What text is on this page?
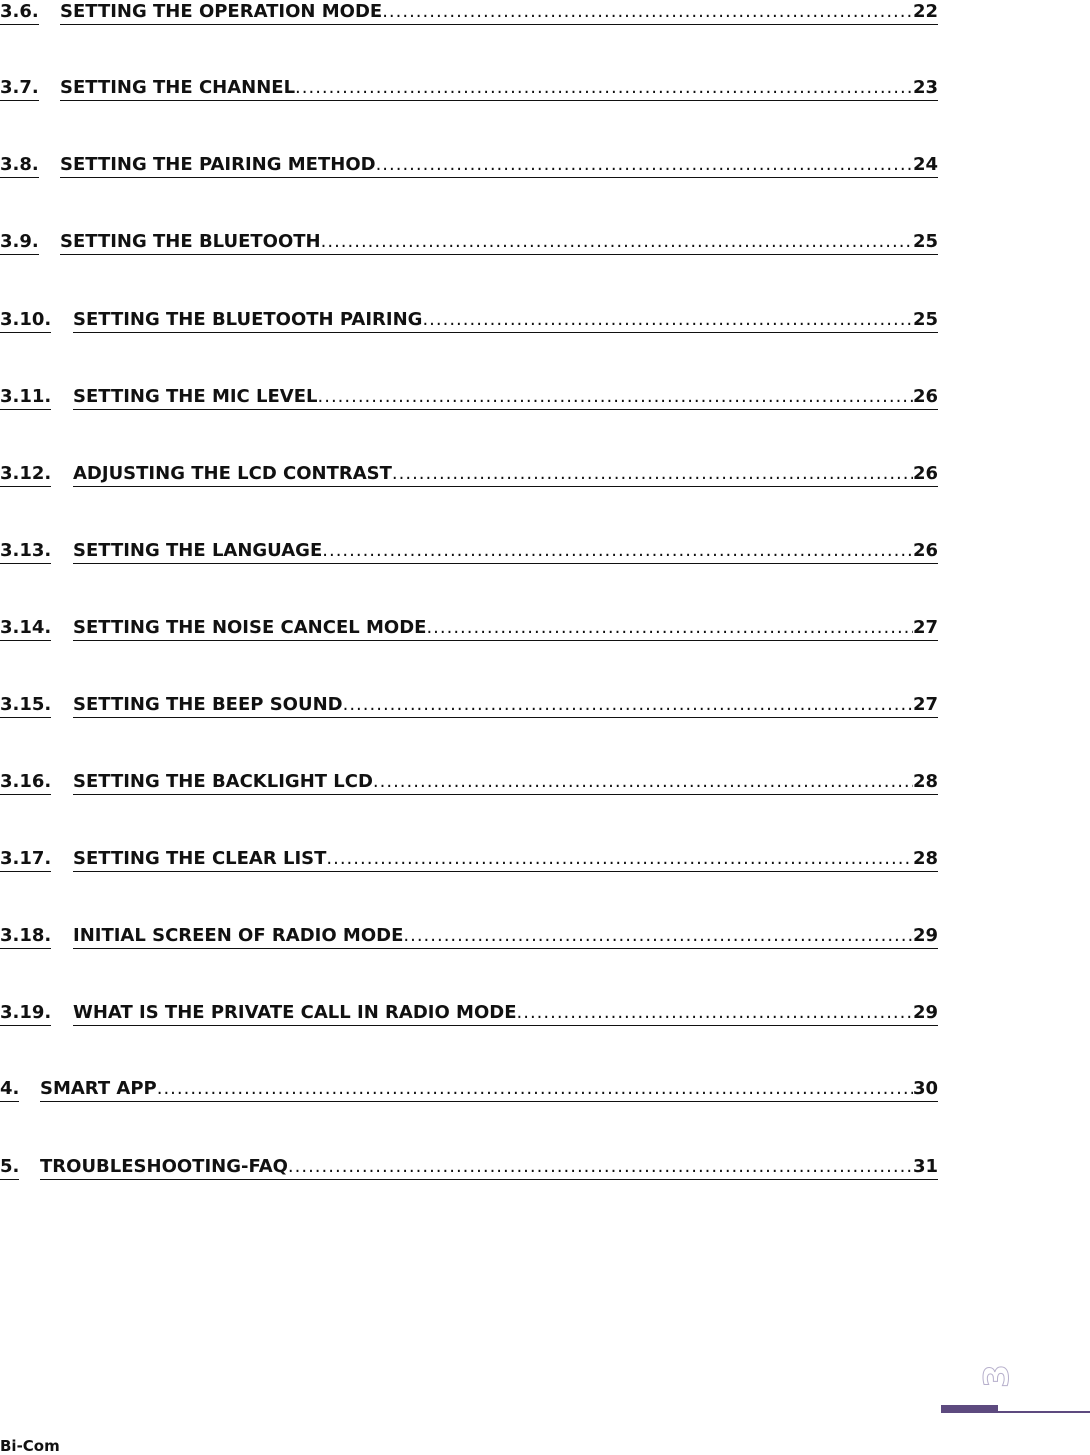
3.6. SETTING THE OPERATION MODE .....	22
3.7. SETTING THE CHANNEL .....	23
3.8. SETTING THE PAIRING METHOD .....	24
3.9. SETTING THE BLUETOOTH .....	25
3.10. SETTING THE BLUETOOTH PAIRING .....	25
3.11. SETTING THE MIC LEVEL .....	26
3.12. ADJUSTING THE LCD CONTRAST .....	26
3.13. SETTING THE LANGUAGE .....	26
3.14. SETTING THE NOISE CANCEL MODE .....	27
3.15. SETTING THE BEEP SOUND .....	27
3.16. SETTING THE BACKLIGHT LCD .....	28
3.17. SETTING THE CLEAR LIST .....	28
3.18. INITIAL SCREEN OF RADIO MODE .....	29
3.19. WHAT IS THE PRIVATE CALL IN RADIO MODE .....	29
4. SMART APP .....	30
5. TROUBLESHOOTING-FAQ .....	31
3
Bi-Com
